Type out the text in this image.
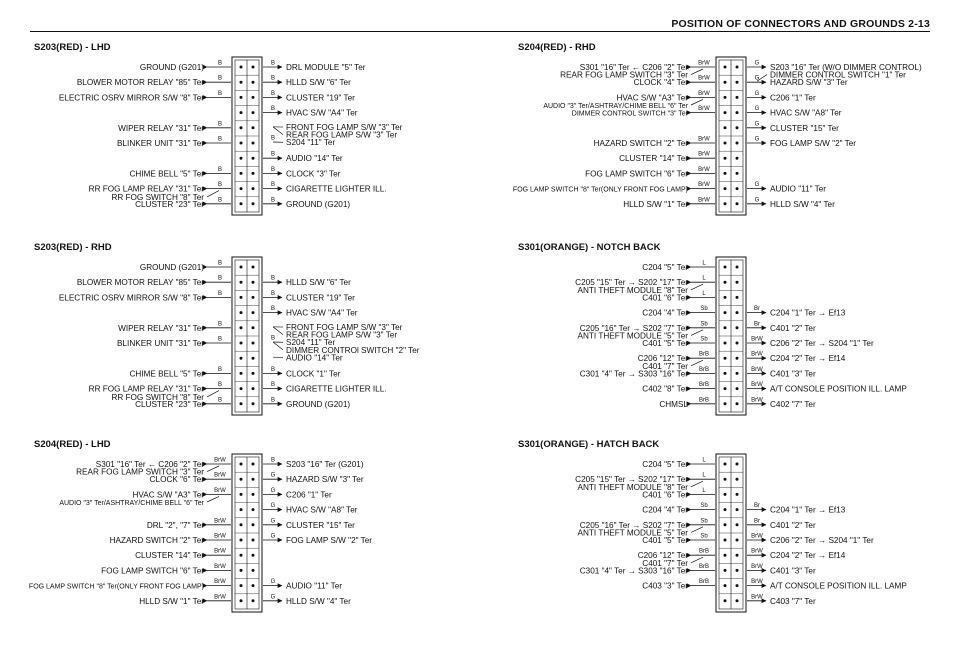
POSITION OF CONNECTORS AND GROUNDS 2-13
S203(RED) - LHD
GROUND (G201) B
BLOWER MOTOR RELAY "85" Ter B
ELECTRIC OSRV MIRROR S/W "8" Ter B
WIPER RELAY "31" Ter B
BLINKER UNIT "31" Ter B
CHIME BELL "5" Ter B
RR FOG LAMP RELAY "31" Ter B
RR FOG SWITCH "8" Ter
CLUSTER "23" Ter B
B DRL MODULE "5" Ter
B HLLD S/W "6" Ter
B CLUSTER "19" Ter
B HVAC S/W "A4" Ter
FRONT FOG LAMP S/W "3" Ter
REAR FOG LAMP S/W "3" Ter
B S204 "11" Ter
B AUDIO "14" Ter
B CLOCK "3" Ter
B CIGARETTE LIGHTER ILL.
B GROUND (G201)
S204(RED) - RHD
S301 "16" Ter ← C206 "2" Ter BrW
REAR FOG LAMP SWITCH "3" Ter
CLOCK "4" Ter BrW
HVAC S/W "A3" Ter BrW
AUDIO "3" Ter/ASHTRAY/CHIME BELL "6" Ter
DIMMER CONTROL SWITCH "3" Ter
BrW
HAZARD SWITCH "2" Ter BrW
CLUSTER "14" Ter BrW
FOG LAMP SWITCH "6" Ter BrW
FOG LAMP SWITCH "8" Ter(ONLY FRONT FOG LAMP)
BrW
HLLD S/W "1" Ter BrW
G S203 "16" Ter (W/O DIMMER CONTROL)
DIMMER CONTROL SWITCH "1" Ter
G HAZARD S/W "3" Ter
G C206 "1" Ter
G HVAC S/W "A8" Ter
G CLUSTER "15" Ter
G FOG LAMP S/W "2" Ter
G AUDIO "11" Ter
G HLLD S/W "4" Ter
S203(RED) - RHD
GROUND (G201) B
BLOWER MOTOR RELAY "85" Ter B
ELECTRIC OSRV MIRROR S/W "8" Ter B
WIPER RELAY "31" Ter B
BLINKER UNIT "31" Ter B
CHIME BELL "5" Ter B
RR FOG LAMP RELAY "31" Ter B
RR FOG SWITCH "8" Ter
CLUSTER "23" Ter B
B HLLD S/W "6" Ter
B CLUSTER "19" Ter
B HVAC S/W "A4" Ter
FRONT FOG LAMP S/W "3" Ter
REAR FOG LAMP S/W "3" Ter
B S204 "11" Ter
DIMMER CONTROl SWITCH "2" Ter
AUDIO "14" Ter
B CLOCK "1" Ter
B CIGARETTE LIGHTER ILL.
B GROUND (G201)
S301(ORANGE) - NOTCH BACK
C204 "5" Ter L
C205 "15" Ter → S202 "17" Ter L
ANTI THEFT MODULE "8" Ter
C401 "6" Ter L
C204 "4" Ter Sb
C205 "16" Ter → S202 "7" Ter Sb
ANTI THEFT MODULE "5" Ter
C401 "5" Ter Sb
C206 "12" Ter BrB
C401 "7" Ter
C301 "4" Ter → S303 "16" Ter BrB
C402 "8" Ter BrB
CHMSL BrB
Br C204 "1" Ter → Ef13
Br C401 "2" Ter
BrW C206 "2" Ter → S204 "1" Ter
BrW C204 "2" Ter → Ef14
BrW C401 "3" Ter
BrW A/T CONSOLE POSITION ILL. LAMP
BrW C402 "7" Ter
S204(RED) - LHD
S301 "16" Ter ← C206 "2" Ter BrW
REAR FOG LAMP SWITCH "3" Ter
CLOCK "6" Ter BrW
HVAC S/W "A3" Ter BrW
AUDIO "3" Ter/ASHTRAY/CHIME BELL "6" Ter
DRL "2", "7" Ter BrW
HAZARD SWITCH "2" Ter BrW
CLUSTER "14" Ter BrW
FOG LAMP SWITCH "6" Ter BrW
FOG LAMP SWITCH "8" Ter(ONLY FRONT FOG LAMP)
BrW
HLLD S/W "1" Ter BrW
B S203 "16" Ter (G201)
G HAZARD S/W "3" Ter
G C206 "1" Ter
G HVAC S/W "A8" Ter
G CLUSTER "15" Ter
G FOG LAMP S/W "2" Ter
G AUDIO "11" Ter
G HLLD S/W "4" Ter
S301(ORANGE) - HATCH BACK
C204 "5" Ter L
C205 "15" Ter → S202 "17" Ter L
ANTI THEFT MODULE "8" Ter
C401 "6" Ter L
C204 "4" Ter Sb
C205 "16" Ter → S202 "7" Ter Sb
ANTI THEFT MODULE "5" Ter
C401 "5" Ter Sb
C206 "12" Ter BrB
C401 "7" Ter
C301 "4" Ter → S303 "16" Ter BrB
C403 "3" Ter BrB
Br C204 "1" Ter → Ef13
Br C401 "2" Ter
BrW C206 "2" Ter → S204 "1" Ter
BrW C204 "2" Ter → Ef14
BrW C401 "3" Ter
BrW A/T CONSOLE POSITION ILL. LAMP
BrW C403 "7" Ter
